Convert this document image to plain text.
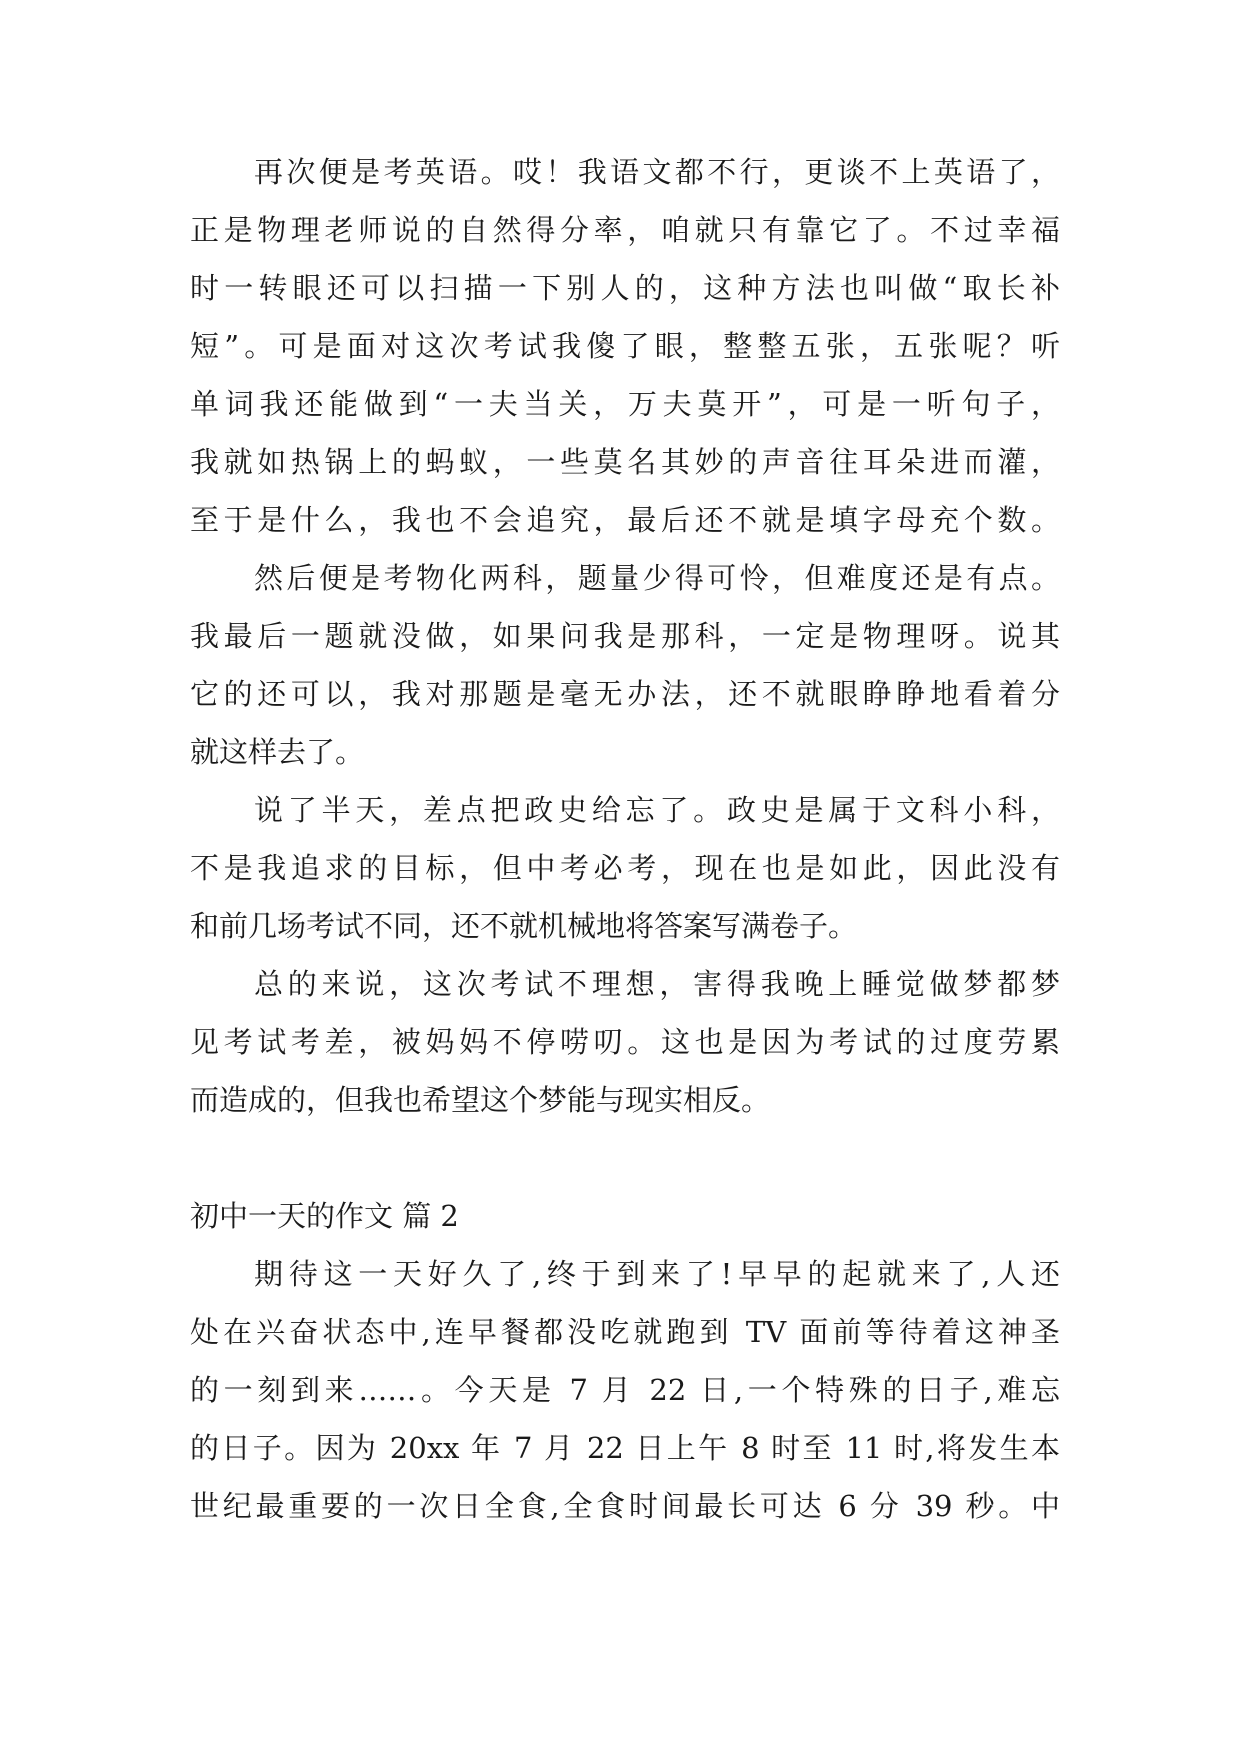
再次便是考英语。哎！我语文都不行，更谈不上英语了，
正是物理老师说的自然得分率，咱就只有靠它了。不过幸福
时一转眼还可以扫描一下别人的，这种方法也叫做“取长补
短”。可是面对这次考试我傻了眼，整整五张，五张呢？听
单词我还能做到“一夫当关，万夫莫开”，可是一听句子，
我就如热锅上的蚂蚁，一些莫名其妙的声音往耳朵进而灌，
至于是什么，我也不会追究，最后还不就是填字母充个数。
然后便是考物化两科，题量少得可怜，但难度还是有点。
我最后一题就没做，如果问我是那科，一定是物理呀。说其
它的还可以，我对那题是毫无办法，还不就眼睁睁地看着分
就这样去了。
说了半天，差点把政史给忘了。政史是属于文科小科，
不是我追求的目标，但中考必考，现在也是如此，因此没有
和前几场考试不同，还不就机械地将答案写满卷子。
总的来说，这次考试不理想，害得我晚上睡觉做梦都梦
见考试考差，被妈妈不停唠叨。这也是因为考试的过度劳累
而造成的，但我也希望这个梦能与现实相反。
初中一天的作文 篇 2
期待这一天好久了,终于到来了!早早的起就来了,人还
处在兴奋状态中,连早餐都没吃就跑到 TV 面前等待着这神圣
的一刻到来……。今天是 7 月 22 日,一个特殊的日子,难忘
的日子。因为 20xx 年 7 月 22 日上午 8 时至 11 时,将发生本
世纪最重要的一次日全食,全食时间最长可达 6 分 39 秒。中
